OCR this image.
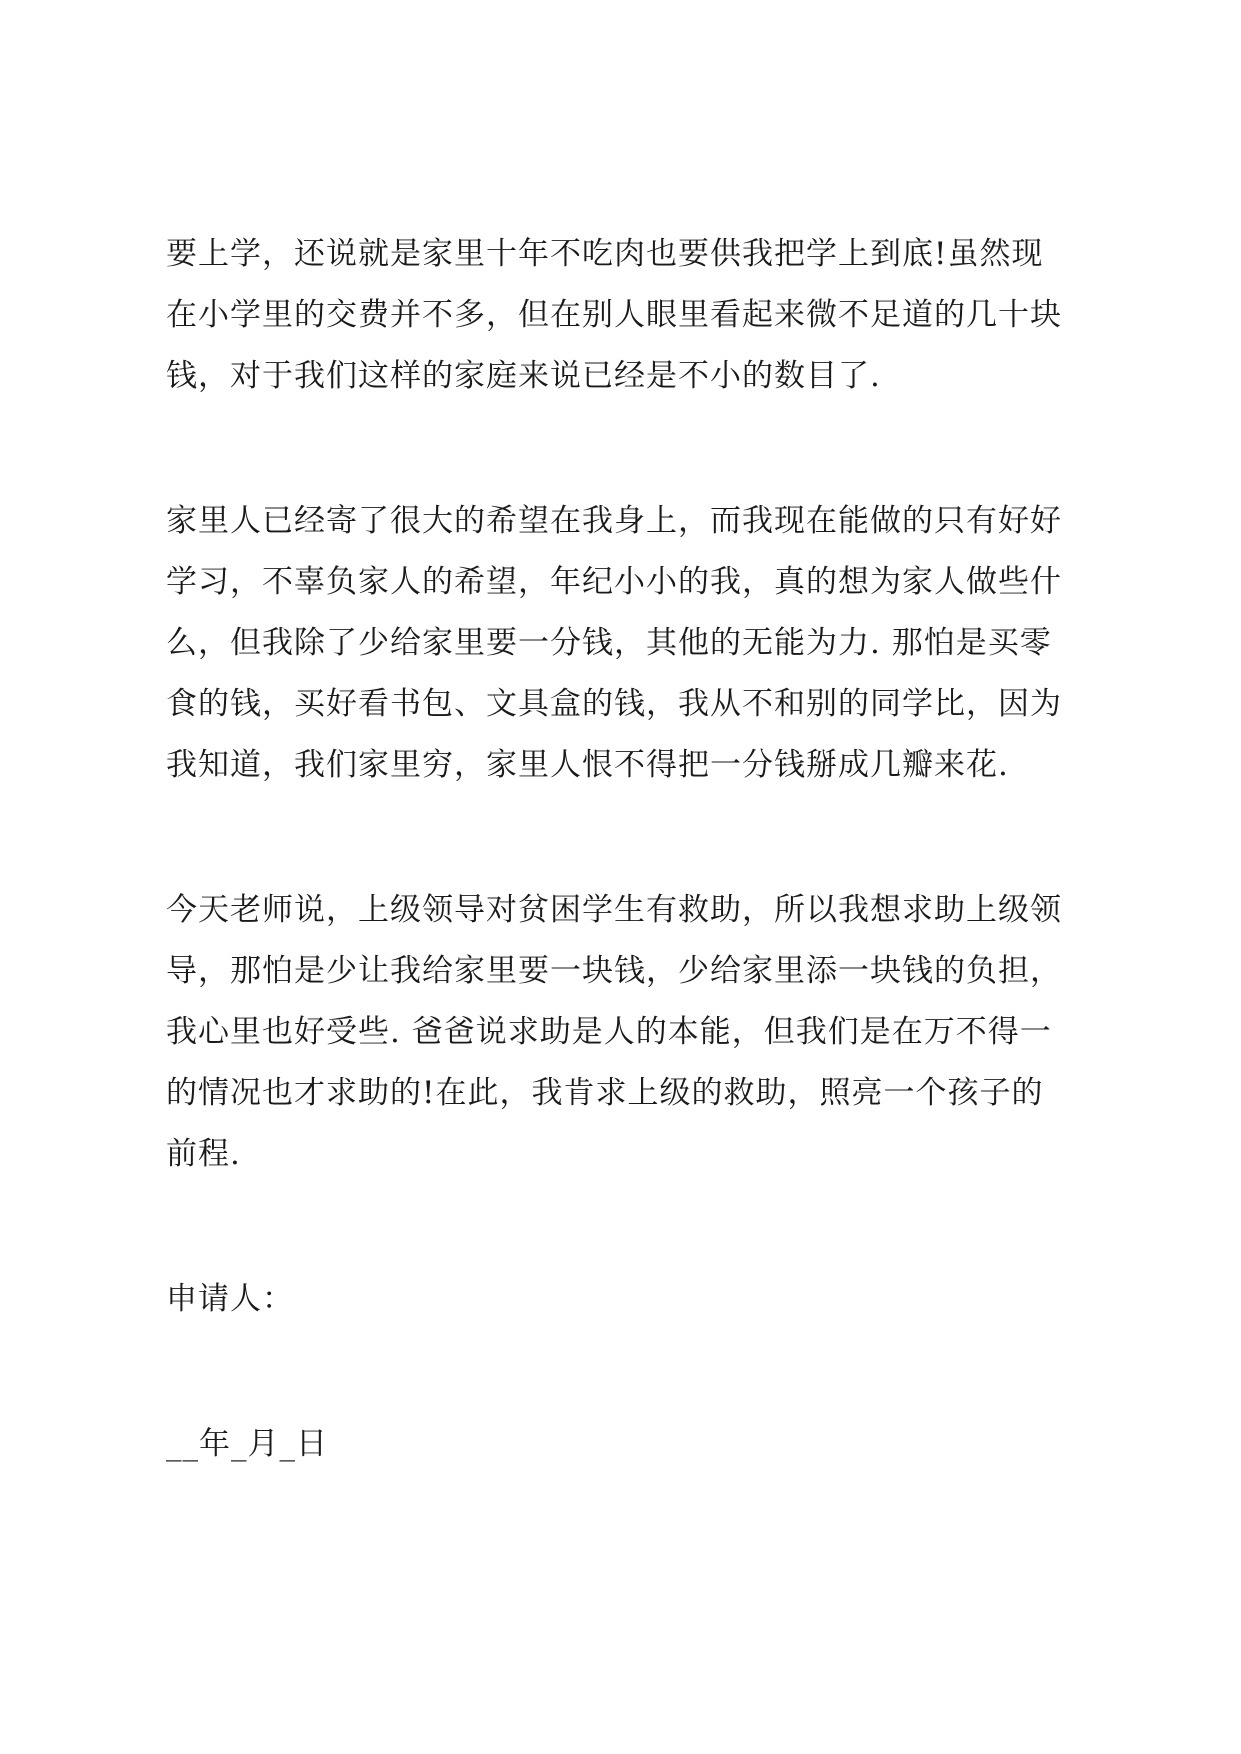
要上学，还说就是家里十年不吃肉也要供我把学上到底!虽然现
在小学里的交费并不多，但在别人眼里看起来微不足道的几十块
钱，对于我们这样的家庭来说已经是不小的数目了.
家里人已经寄了很大的希望在我身上，而我现在能做的只有好好
学习，不辜负家人的希望，年纪小小的我，真的想为家人做些什
么，但我除了少给家里要一分钱，其他的无能为力. 那怕是买零
食的钱，买好看书包、文具盒的钱，我从不和别的同学比，因为
我知道，我们家里穷，家里人恨不得把一分钱掰成几瓣来花.
今天老师说，上级领导对贫困学生有救助，所以我想求助上级领
导，那怕是少让我给家里要一块钱，少给家里添一块钱的负担，
我心里也好受些. 爸爸说求助是人的本能，但我们是在万不得一
的情况也才求助的!在此，我肯求上级的救助，照亮一个孩子的
前程.
申请人：
__年_月_日
